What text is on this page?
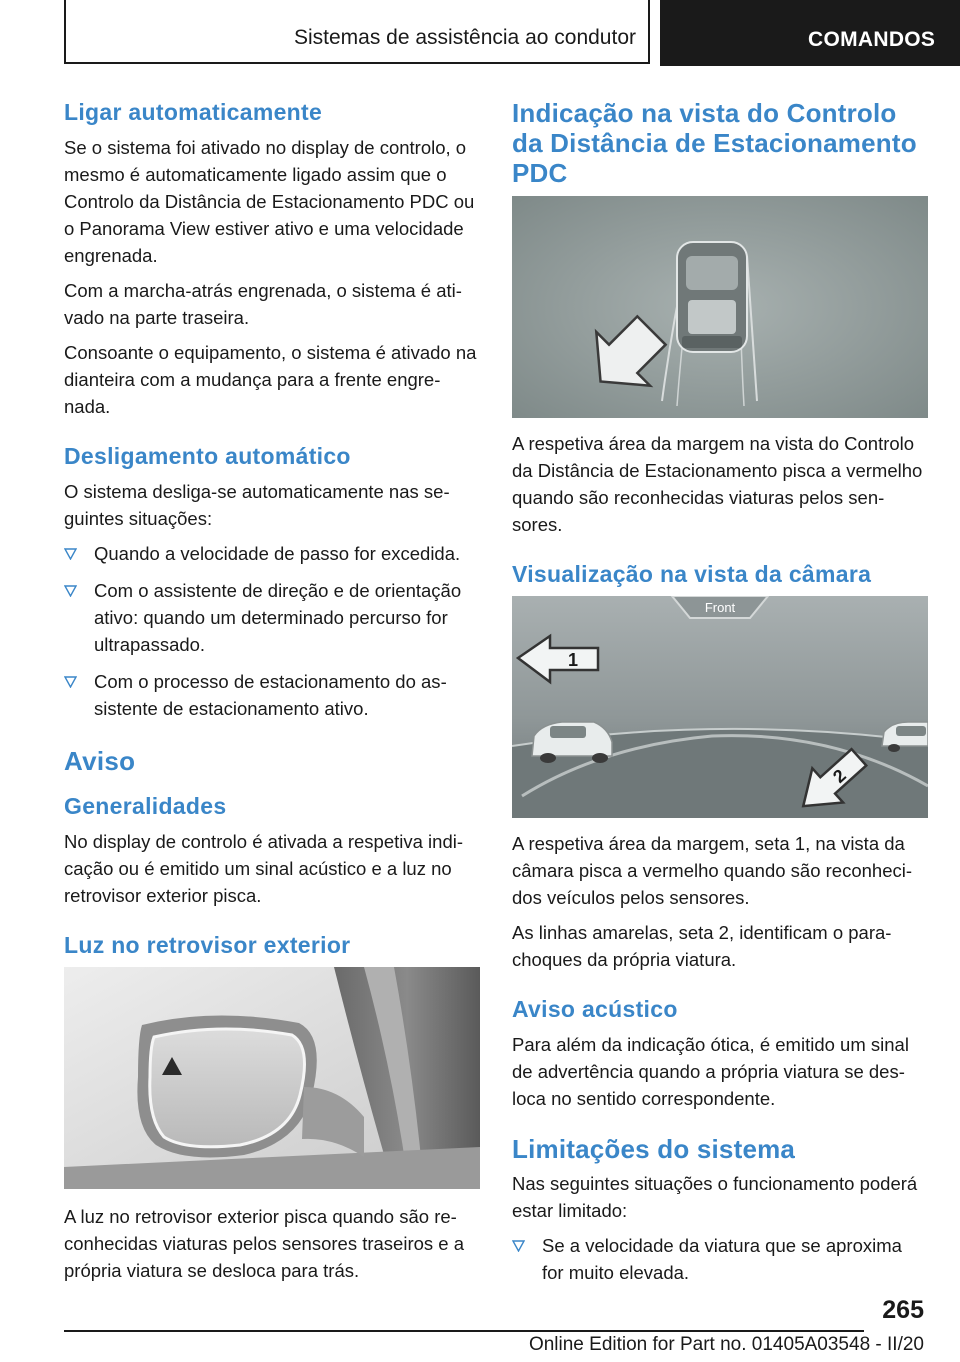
Sistemas de assistência ao condutor	COMANDOS
Ligar automaticamente

Se o sistema foi ativado no display de controlo, o mesmo é automaticamente ligado assim que o Controlo da Distância de Estacionamento PDC ou o Panorama View estiver ativo e uma velocidade engrenada.

Com a marcha-atrás engrenada, o sistema é ativado na parte traseira.

Consoante o equipamento, o sistema é ativado na dianteira com a mudança para a frente engrenada.

Desligamento automático

O sistema desliga-se automaticamente nas seguintes situações:

Quando a velocidade de passo for excedida.
Com o assistente de direção e de orientação ativo: quando um determinado percurso for ultrapassado.
Com o processo de estacionamento do assistente de estacionamento ativo.
Aviso
Generalidades

No display de controlo é ativada a respetiva indicação ou é emitido um sinal acústico e a luz no retrovisor exterior pisca.

Luz no retrovisor exterior

A luz no retrovisor exterior pisca quando são reconhecidas viaturas pelos sensores traseiros e a própria viatura se desloca para trás.

Indicação na vista do Controlo da Distância de Estacionamento PDC

A respetiva área da margem na vista do Controlo da Distância de Estacionamento pisca a vermelho quando são reconhecidas viaturas pelos sensores.

Visualização na vista da câmara
Front
1
2

A respetiva área da margem, seta 1, na vista da câmara pisca a vermelho quando são reconhecidos veículos pelos sensores.

As linhas amarelas, seta 2, identificam o para-choques da própria viatura.

Aviso acústico

Para além da indicação ótica, é emitido um sinal de advertência quando a própria viatura se desloca no sentido correspondente.

Limitações do sistema

Nas seguintes situações o funcionamento poderá estar limitado:

Se a velocidade da viatura que se aproxima for muito elevada.
265
Online Edition for Part no. 01405A03548 - II/20
